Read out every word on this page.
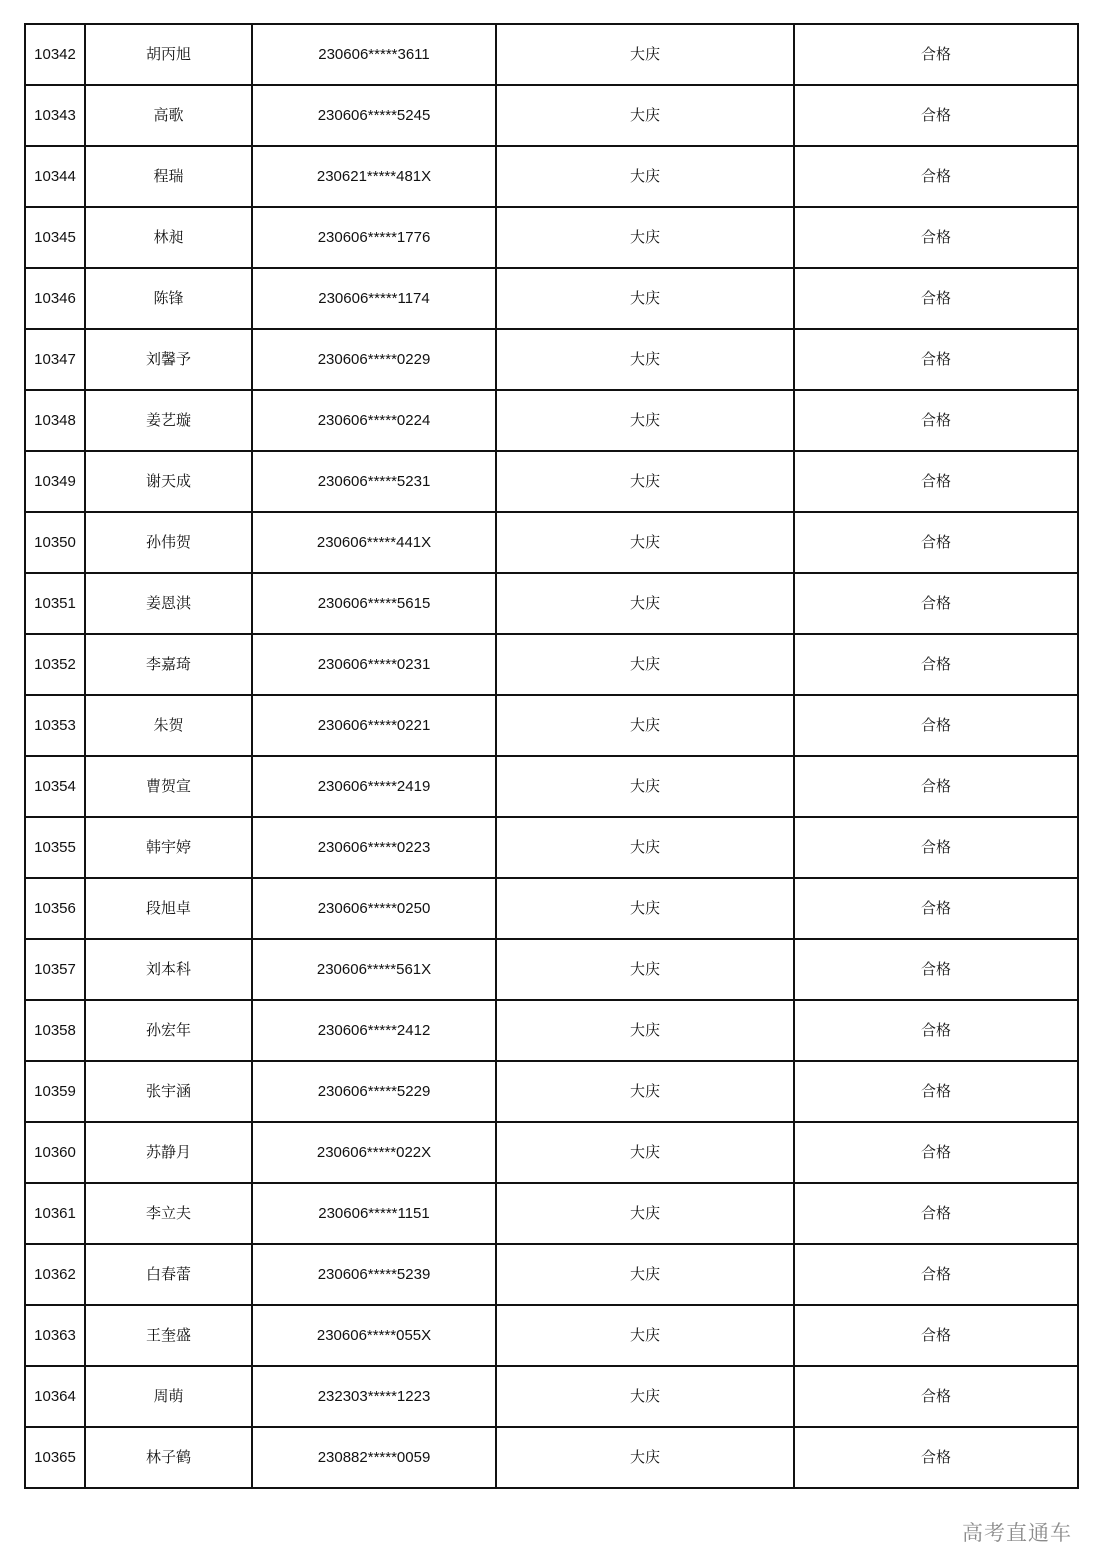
10342	胡丙旭	230606*****3611	大庆	合格
10343	高歌	230606*****5245	大庆	合格
10344	程瑞	230621*****481X	大庆	合格
10345	林昶	230606*****1776	大庆	合格
10346	陈锋	230606*****1174	大庆	合格
10347	刘馨予	230606*****0229	大庆	合格
10348	姜艺璇	230606*****0224	大庆	合格
10349	谢天成	230606*****5231	大庆	合格
10350	孙伟贺	230606*****441X	大庆	合格
10351	姜恩淇	230606*****5615	大庆	合格
10352	李嘉琦	230606*****0231	大庆	合格
10353	朱贺	230606*****0221	大庆	合格
10354	曹贺宣	230606*****2419	大庆	合格
10355	韩宇婷	230606*****0223	大庆	合格
10356	段旭卓	230606*****0250	大庆	合格
10357	刘本科	230606*****561X	大庆	合格
10358	孙宏年	230606*****2412	大庆	合格
10359	张宇涵	230606*****5229	大庆	合格
10360	苏静月	230606*****022X	大庆	合格
10361	李立夫	230606*****1151	大庆	合格
10362	白春蕾	230606*****5239	大庆	合格
10363	王奎盛	230606*****055X	大庆	合格
10364	周萌	232303*****1223	大庆	合格
10365	林子鹤	230882*****0059	大庆	合格
高考直通车
